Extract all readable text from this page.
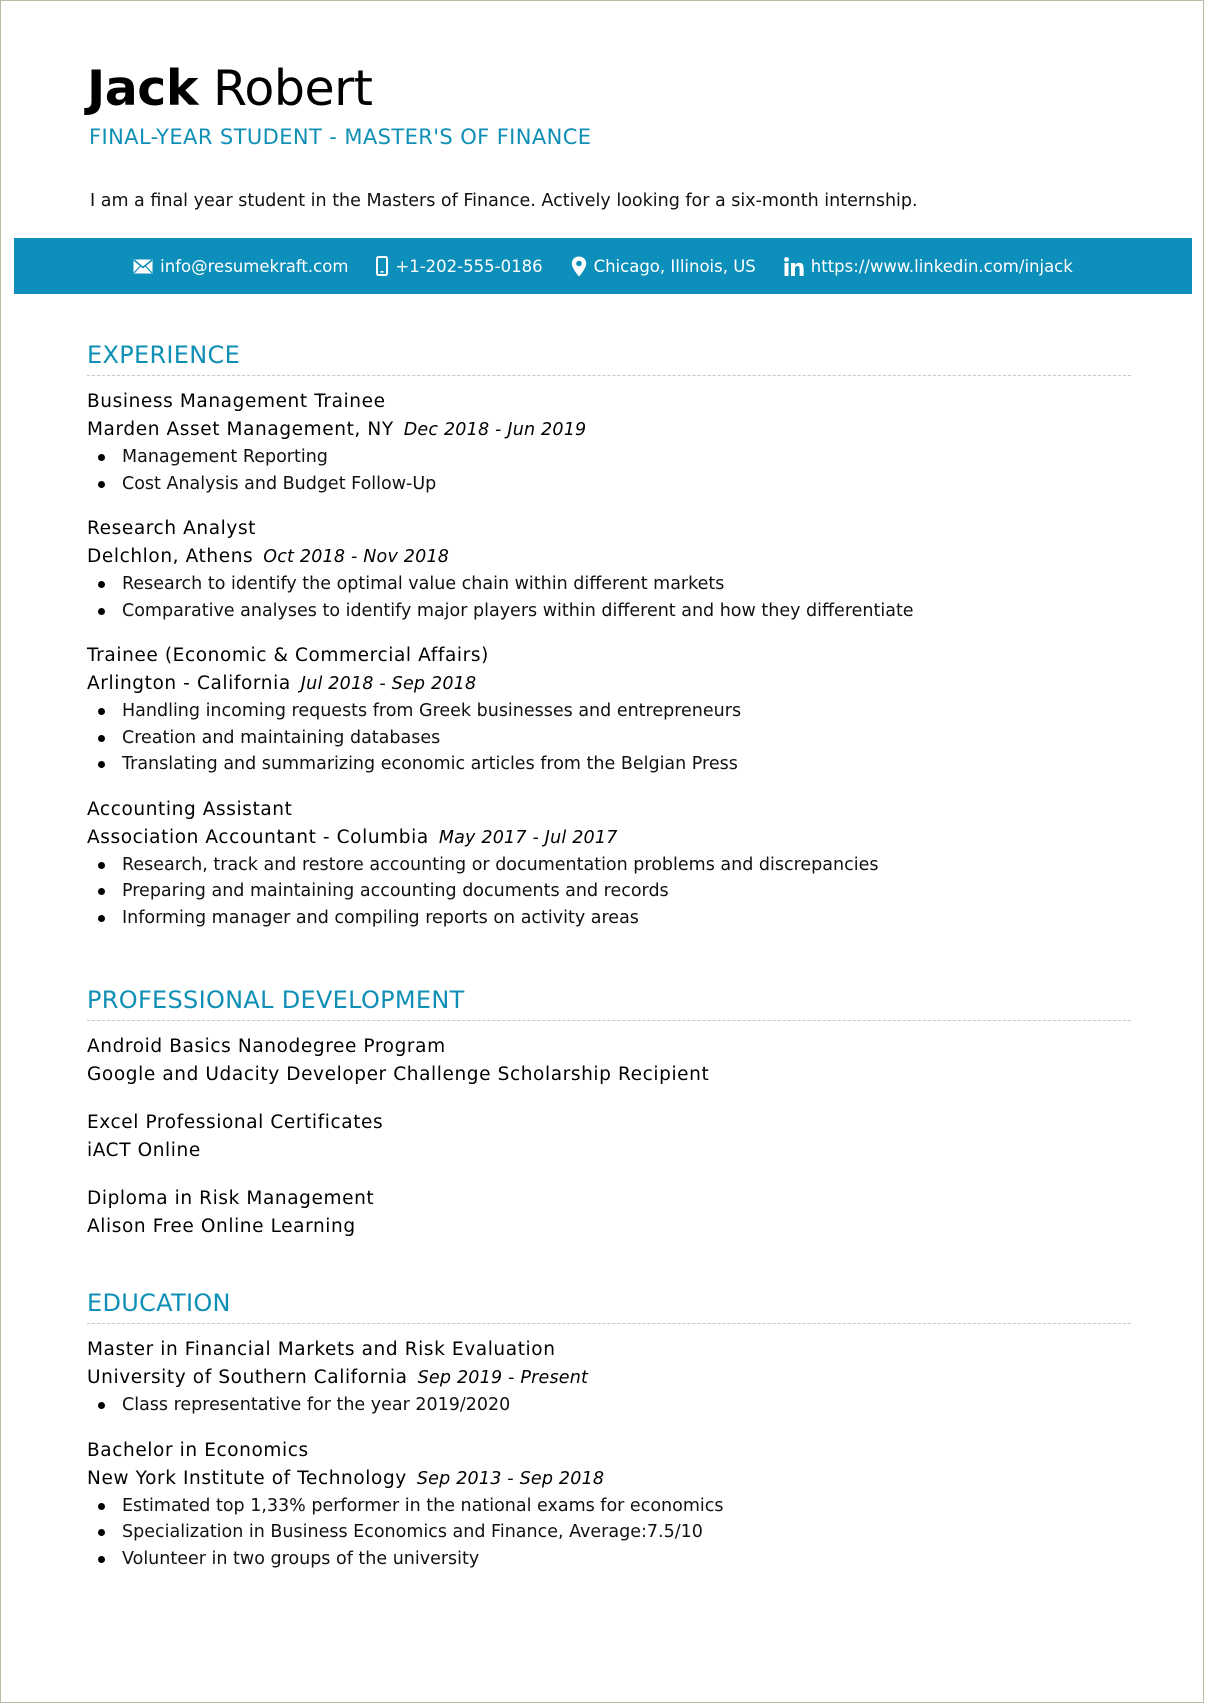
Jack Robert
FINAL-YEAR STUDENT - MASTER'S OF FINANCE
I am a final year student in the Masters of Finance. Actively looking for a six-month internship.
info@resumekraft.com	+1-202-555-0186	Chicago, Illinois, US	https://www.linkedin.com/injack
EXPERIENCE
Business Management Trainee
Marden Asset Management, NY Dec 2018 - Jun 2019
Management Reporting
Cost Analysis and Budget Follow-Up
Research Analyst
Delchlon, Athens Oct 2018 - Nov 2018
Research to identify the optimal value chain within different markets
Comparative analyses to identify major players within different and how they differentiate
Trainee (Economic & Commercial Affairs)
Arlington - California Jul 2018 - Sep 2018
Handling incoming requests from Greek businesses and entrepreneurs
Creation and maintaining databases
Translating and summarizing economic articles from the Belgian Press
Accounting Assistant
Association Accountant - Columbia May 2017 - Jul 2017
Research, track and restore accounting or documentation problems and discrepancies
Preparing and maintaining accounting documents and records
Informing manager and compiling reports on activity areas
PROFESSIONAL DEVELOPMENT
Android Basics Nanodegree Program
Google and Udacity Developer Challenge Scholarship Recipient
Excel Professional Certificates
iACT Online
Diploma in Risk Management
Alison Free Online Learning
EDUCATION
Master in Financial Markets and Risk Evaluation
University of Southern California Sep 2019 - Present
Class representative for the year 2019/2020
Bachelor in Economics
New York Institute of Technology Sep 2013 - Sep 2018
Estimated top 1,33% performer in the national exams for economics
Specialization in Business Economics and Finance, Average:7.5/10
Volunteer in two groups of the university
